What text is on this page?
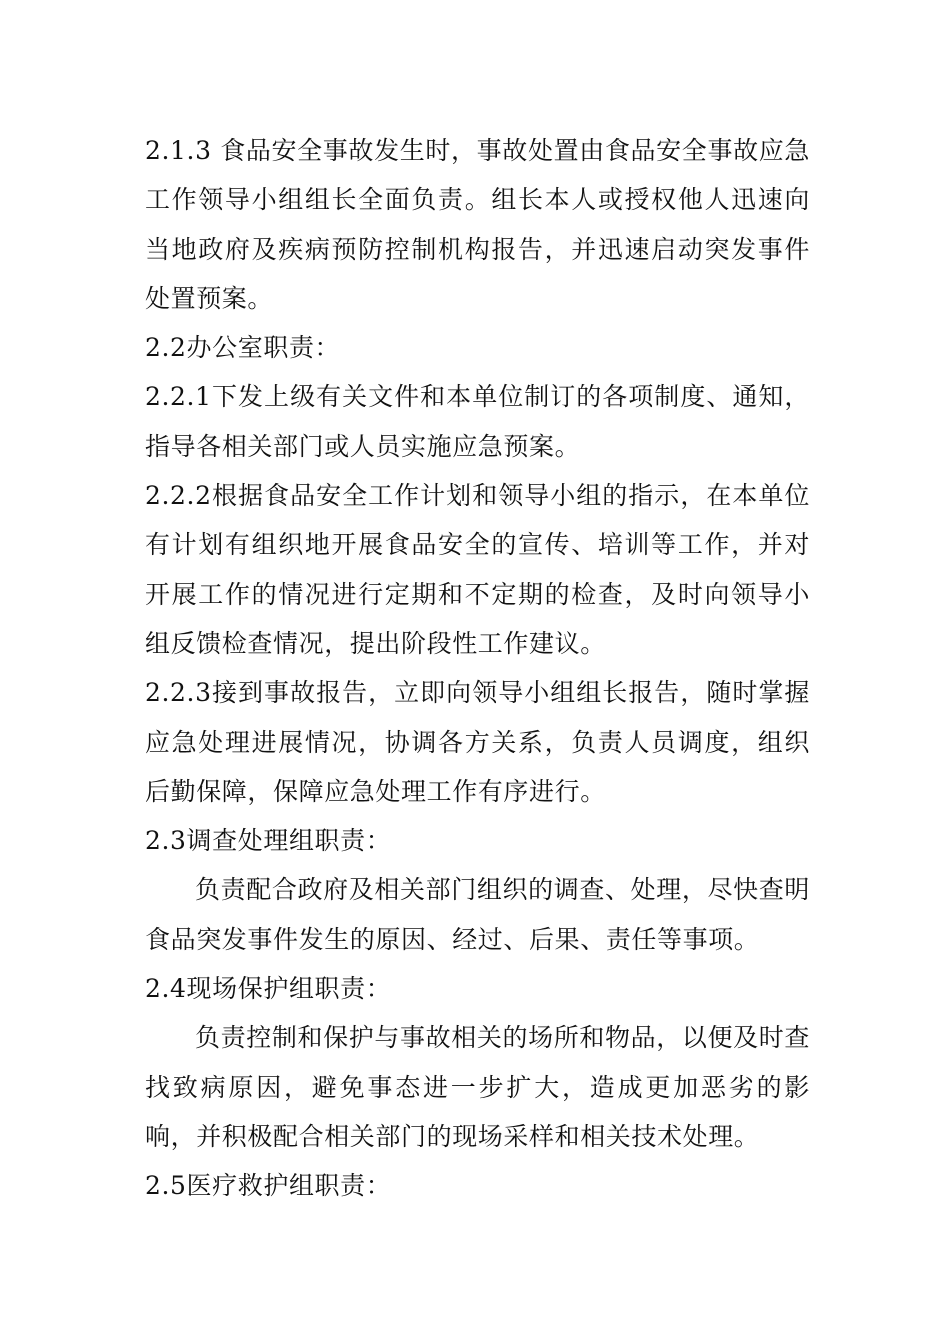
2.1.3 食品安全事故发生时，事故处置由食品安全事故应急工作领导小组组长全面负责。组长本人或授权他人迅速向当地政府及疾病预防控制机构报告，并迅速启动突发事件处置预案。

2.2办公室职责：

2.2.1下发上级有关文件和本单位制订的各项制度、通知，指导各相关部门或人员实施应急预案。

2.2.2根据食品安全工作计划和领导小组的指示，在本单位有计划有组织地开展食品安全的宣传、培训等工作，并对开展工作的情况进行定期和不定期的检查，及时向领导小组反馈检查情况，提出阶段性工作建议。

2.2.3接到事故报告，立即向领导小组组长报告，随时掌握应急处理进展情况，协调各方关系，负责人员调度，组织后勤保障，保障应急处理工作有序进行。

2.3调查处理组职责：

负责配合政府及相关部门组织的调查、处理，尽快查明食品突发事件发生的原因、经过、后果、责任等事项。

2.4现场保护组职责：

负责控制和保护与事故相关的场所和物品，以便及时查找致病原因，避免事态进一步扩大，造成更加恶劣的影响，并积极配合相关部门的现场采样和相关技术处理。

2.5医疗救护组职责：
